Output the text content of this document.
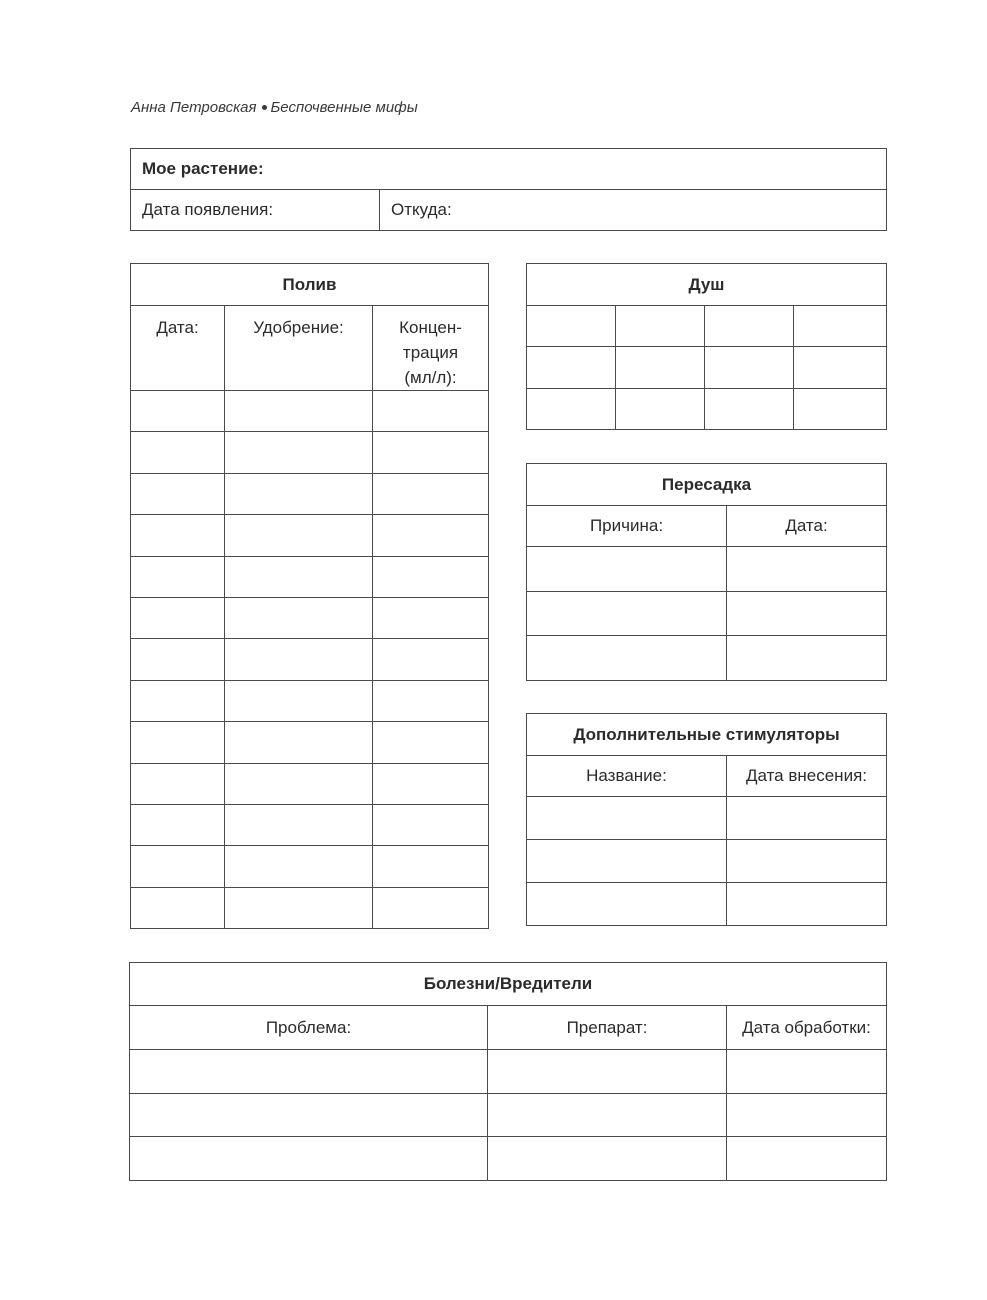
Анна Петровская Беспочвенные мифы
Мое растение:
Дата появления:	Откуда:
Полив		
Дата:	Удобрение:	Концен-
трация
(мл/л):

Душ			

Пересадка	
Причина:	Дата:

Дополнительные стимуляторы	
Название:	Дата внесения:

Болезни/Вредители		
Проблема:	Препарат:	Дата обработки:
